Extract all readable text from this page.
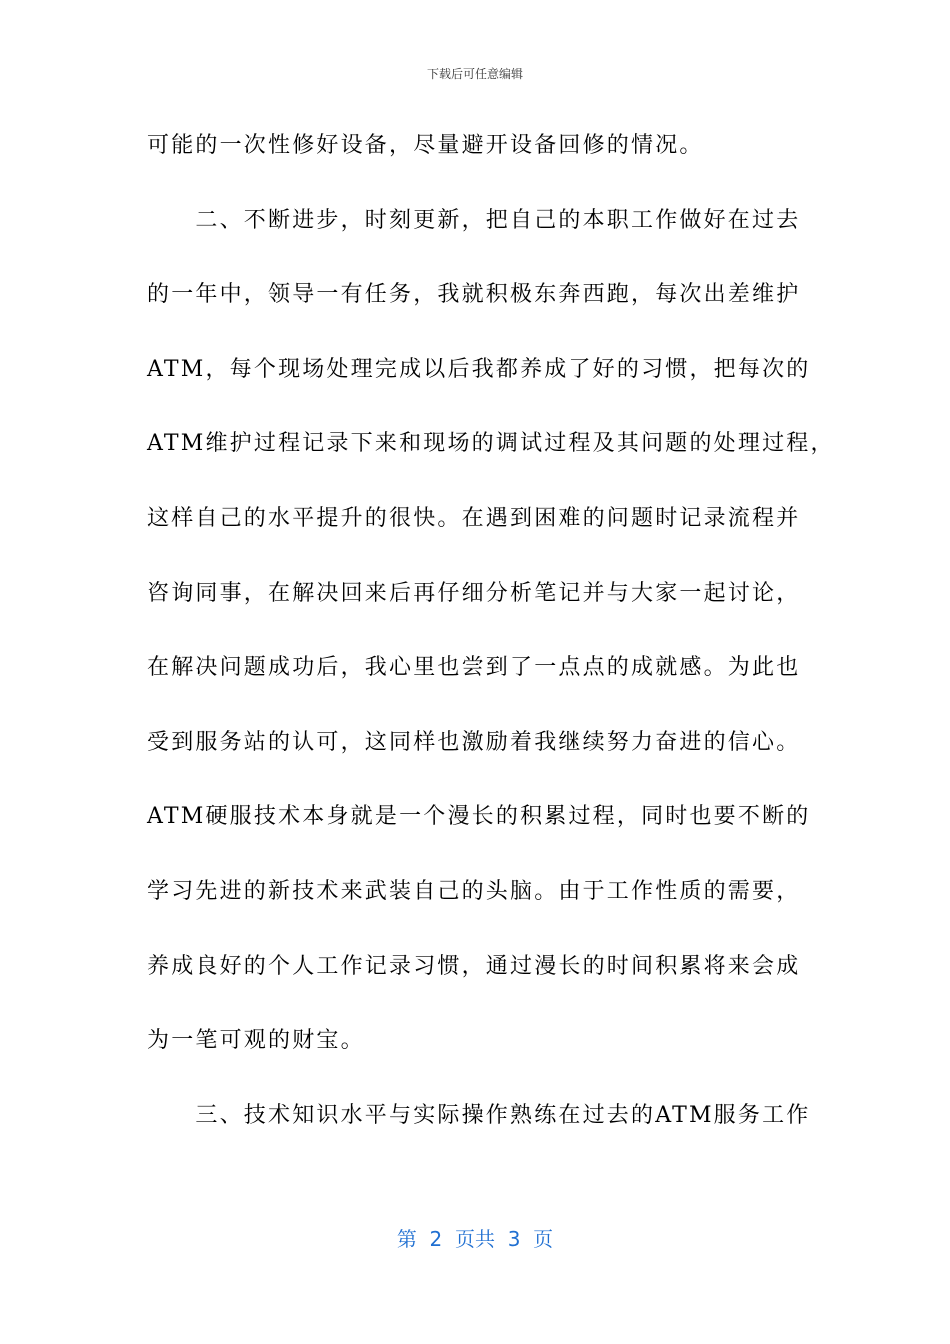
下载后可任意编辑
可能的一次性修好设备，尽量避开设备回修的情况。
　　二、不断进步，时刻更新，把自己的本职工作做好在过去
的一年中，领导一有任务，我就积极东奔西跑，每次出差维护
ATM，每个现场处理完成以后我都养成了好的习惯，把每次的
ATM维护过程记录下来和现场的调试过程及其问题的处理过程，
这样自己的水平提升的很快。在遇到困难的问题时记录流程并
咨询同事，在解决回来后再仔细分析笔记并与大家一起讨论，
在解决问题成功后，我心里也尝到了一点点的成就感。为此也
受到服务站的认可，这同样也激励着我继续努力奋进的信心。
ATM硬服技术本身就是一个漫长的积累过程，同时也要不断的
学习先进的新技术来武装自己的头脑。由于工作性质的需要，
养成良好的个人工作记录习惯，通过漫长的时间积累将来会成
为一笔可观的财宝。
　　三、技术知识水平与实际操作熟练在过去的ATM服务工作
第  2  页共  3  页
